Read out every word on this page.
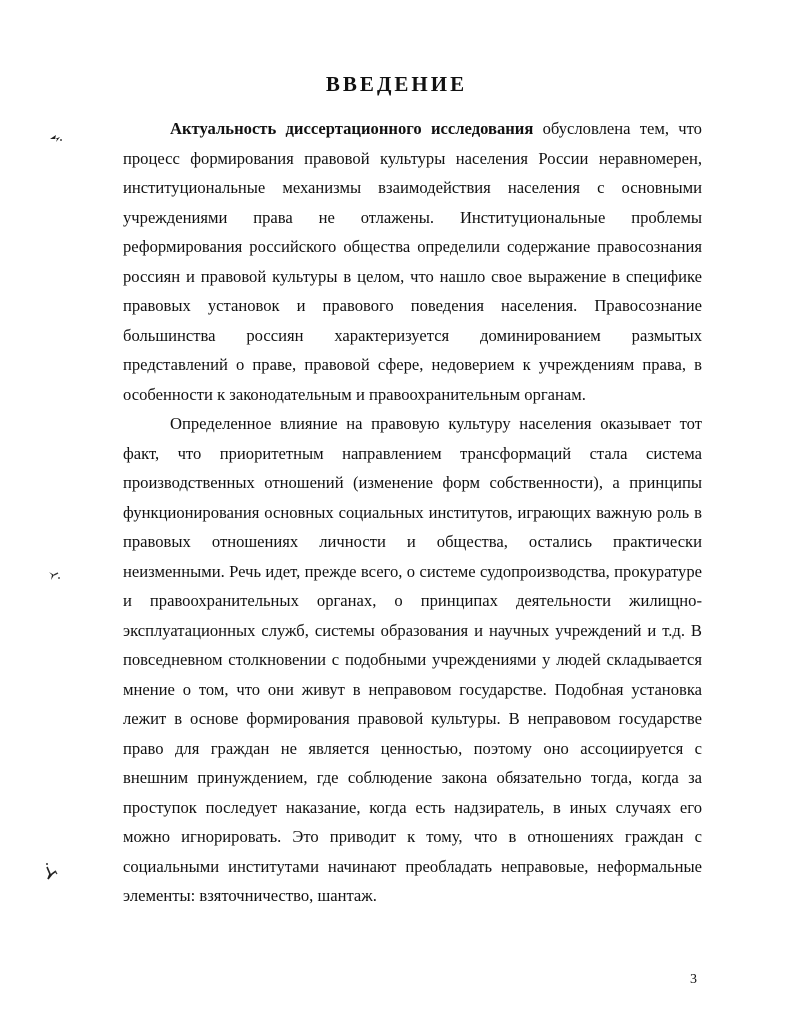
ВВЕДЕНИЕ

Актуальность диссертационного исследования обусловлена тем, что процесс формирования правовой культуры населения России неравномерен, институциональные механизмы взаимодействия населения с основными учреждениями права не отлажены. Институциональные проблемы реформирования российского общества определили содержание правосознания россиян и правовой культуры в целом, что нашло свое выражение в специфике правовых установок и правового поведения населения. Правосознание большинства россиян характеризуется доминированием размытых представлений о праве, правовой сфере, недоверием к учреждениям права, в особенности к законодательным и правоохранительным органам.

Определенное влияние на правовую культуру населения оказывает тот факт, что приоритетным направлением трансформаций стала система производственных отношений (изменение форм собственности), а принципы функционирования основных социальных институтов, играющих важную роль в правовых отношениях личности и общества, остались практически неизменными. Речь идет, прежде всего, о системе судопроизводства, прокуратуре и правоохранительных органах, о принципах деятельности жилищно-эксплуатационных служб, системы образования и научных учреждений и т.д. В повседневном столкновении с подобными учреждениями у людей складывается мнение о том, что они живут в неправовом государстве. Подобная установка лежит в основе формирования правовой культуры. В неправовом государстве право для граждан не является ценностью, поэтому оно ассоциируется с внешним принуждением, где соблюдение закона обязательно тогда, когда за проступок последует наказание, когда есть надзиратель, в иных случаях его можно игнорировать. Это приводит к тому, что в отношениях граждан с социальными институтами начинают преобладать неправовые, неформальные элементы: взяточничество, шантаж.

3
